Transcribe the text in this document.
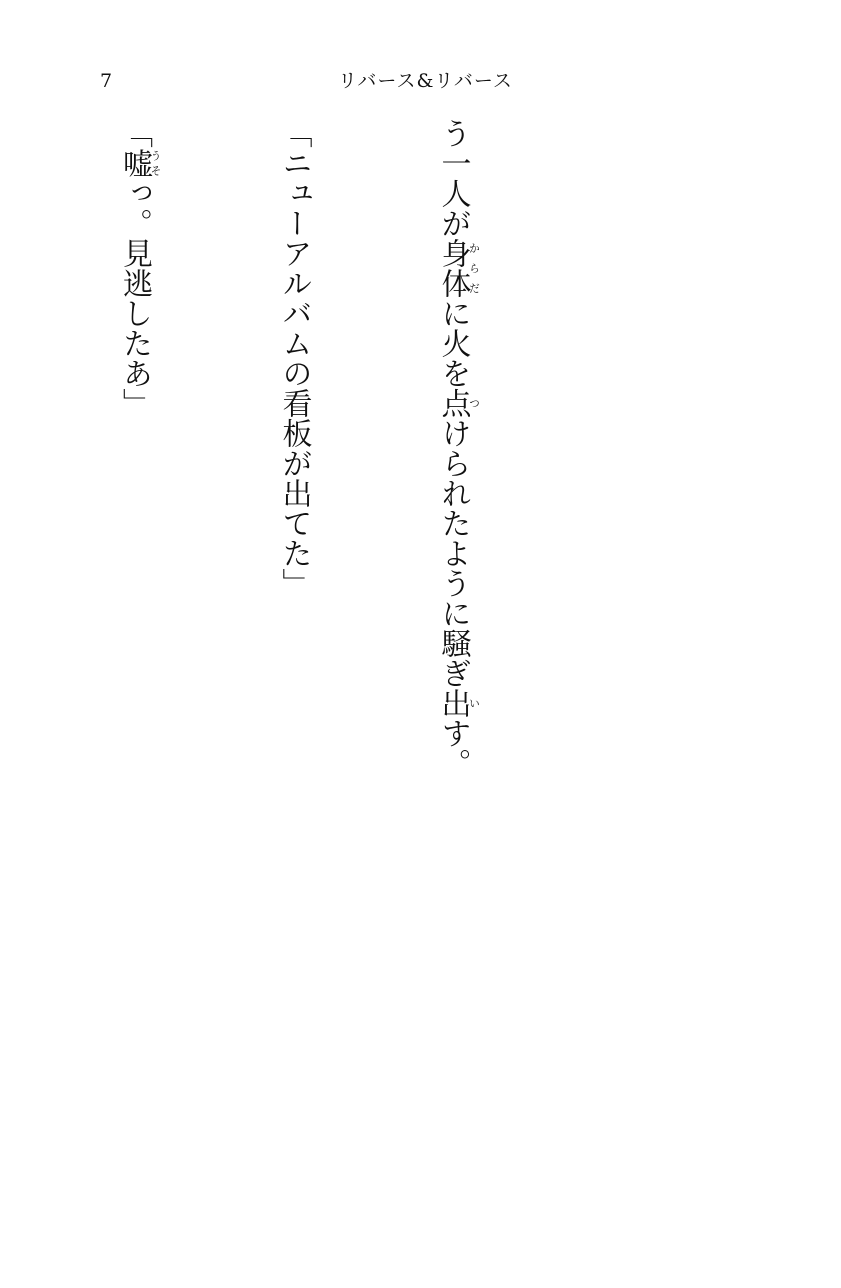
7	リバース&リバース

う一人が身体からだに火を点つけられたように騒ぎ出いす。

「ニューアルバムの看板が出てた」

「嘘うそっ。見逃したあ」
